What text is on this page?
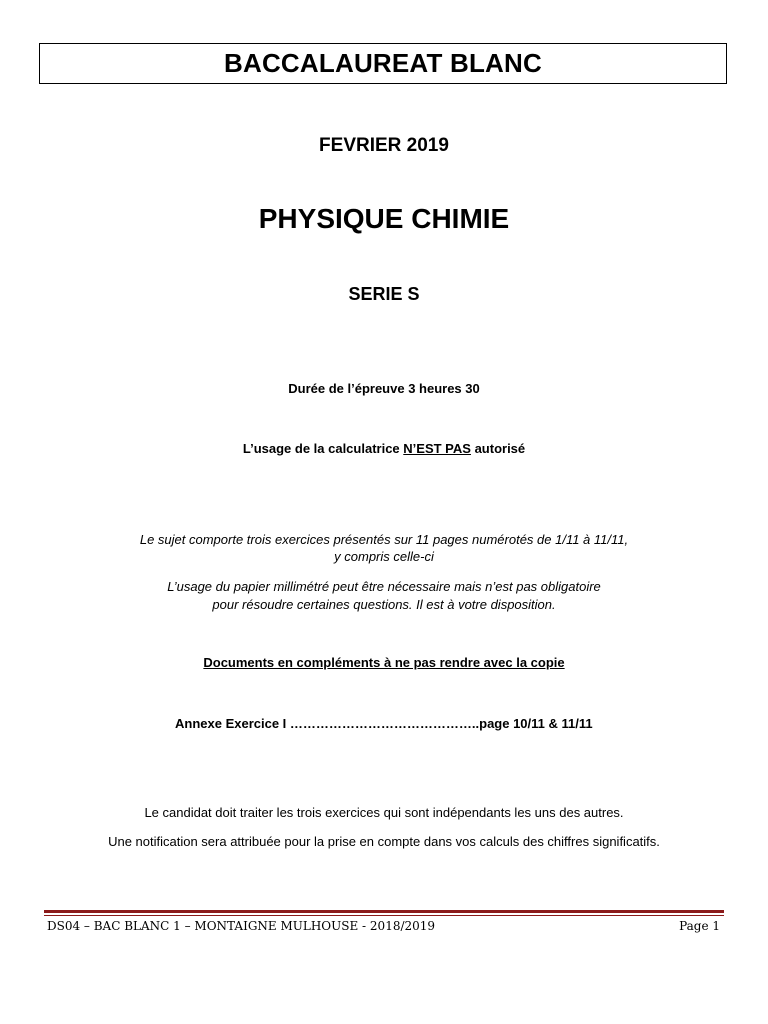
BACCALAUREAT BLANC
FEVRIER 2019
PHYSIQUE CHIMIE
SERIE S
Durée de l’épreuve 3 heures 30
L’usage de la calculatrice N’EST PAS autorisé
Le sujet comporte trois exercices présentés sur 11 pages numérotés de 1/11 à 11/11,
y compris celle-ci
L’usage du papier millimétré peut être nécessaire mais n’est pas obligatoire
pour résoudre certaines questions. Il est à votre disposition.
Documents en compléments à ne pas rendre avec la copie
Annexe Exercice I ……………………………………..page 10/11 & 11/11
Le candidat doit traiter les trois exercices qui sont indépendants les uns des autres.
Une notification sera attribuée pour la prise en compte dans vos calculs des chiffres significatifs.
DS04 – BAC BLANC 1 – MONTAIGNE MULHOUSE - 2018/2019	Page 1
